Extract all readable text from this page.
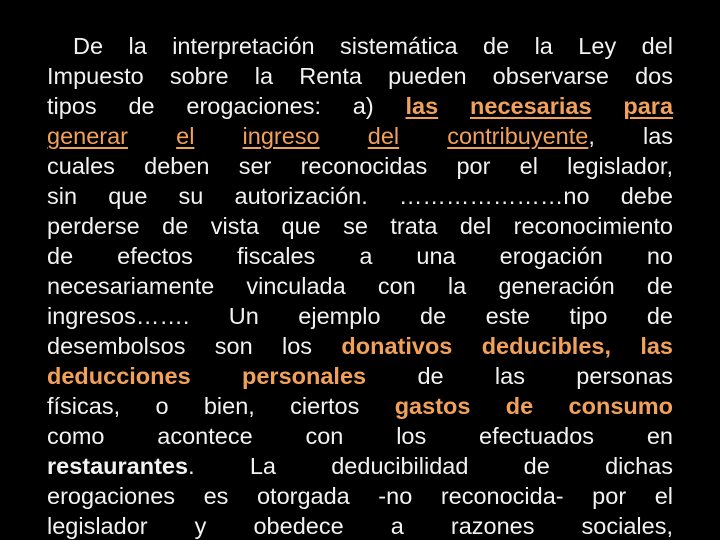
De la interpretación sistemática de la Ley del
Impuesto sobre la Renta pueden observarse dos
tipos de erogaciones: a) las necesarias para
generar el ingreso del contribuyente, las
cuales deben ser reconocidas por el legislador,
sin que su autorización. …………………no debe
perderse de vista que se trata del reconocimiento
de efectos fiscales a una erogación no
necesariamente vinculada con la generación de
ingresos……. Un ejemplo de este tipo de
desembolsos son los donativos deducibles, las
deducciones personales de las personas
físicas, o bien, ciertos gastos de consumo
como acontece con los efectuados en
restaurantes. La deducibilidad de dichas
erogaciones es otorgada -no reconocida- por el
legislador y obedece a razones sociales,
